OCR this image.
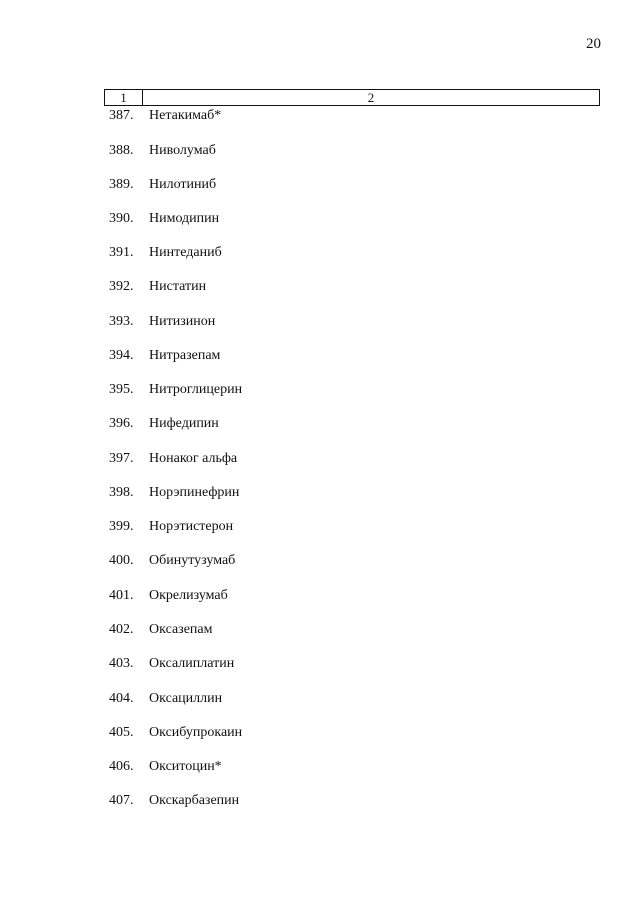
20
1	2
387.	Нетакимаб*
388.	Ниволумаб
389.	Нилотиниб
390.	Нимодипин
391.	Нинтеданиб
392.	Нистатин
393.	Нитизинон
394.	Нитразепам
395.	Нитроглицерин
396.	Нифедипин
397.	Нонаког альфа
398.	Норэпинефрин
399.	Норэтистерон
400.	Обинутузумаб
401.	Окрелизумаб
402.	Оксазепам
403.	Оксалиплатин
404.	Оксациллин
405.	Оксибупрокаин
406.	Окситоцин*
407.	Окскарбазепин
